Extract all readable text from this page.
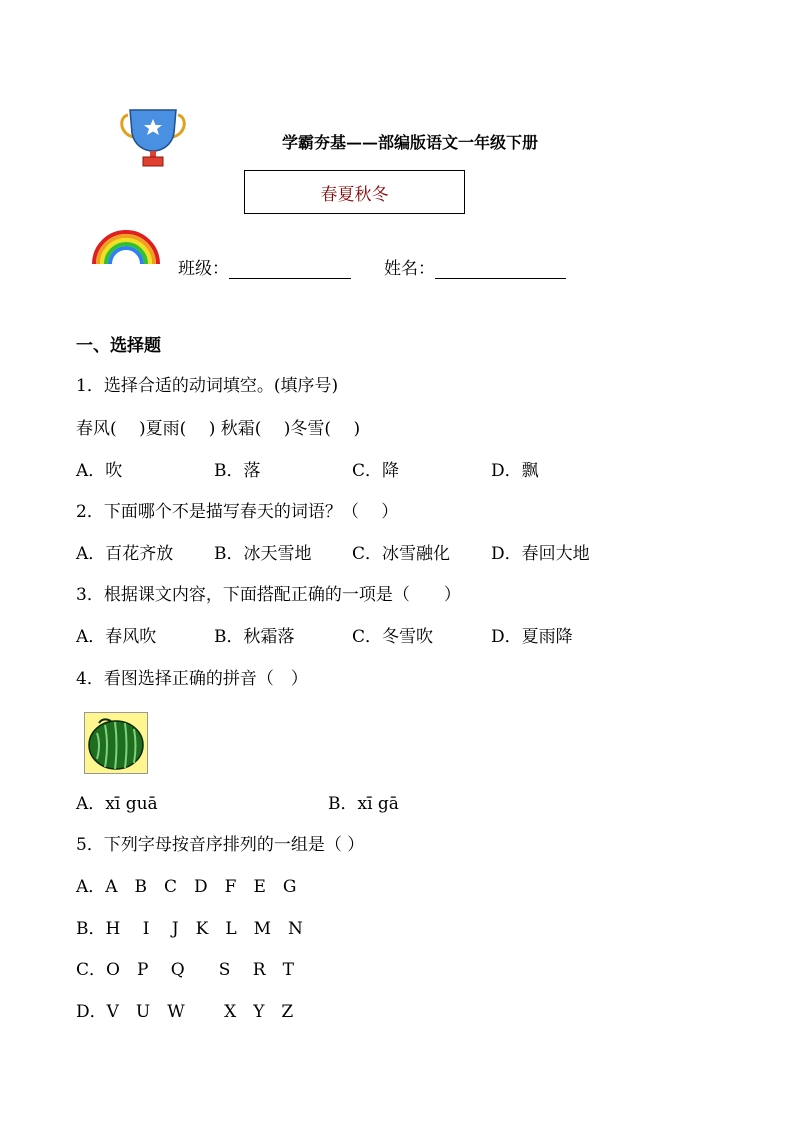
学霸夯基——部编版语文一年级下册
春夏秋冬
班级：	姓名：
一、选择题
1．选择合适的动词填空。(填序号)
春风(　 )夏雨(　 ) 秋霜(　 )冬雪(　 )
A．吹	B．落	C．降	D．飘
2．下面哪个不是描写春天的词语？（　 ）
A．百花齐放 B．冰天雪地 C．冰雪融化 D．春回大地
3．根据课文内容，下面搭配正确的一项是（　　）
A．春风吹	B．秋霜落	C．冬雪吹	D．夏雨降
4．看图选择正确的拼音（　）
A．xī guā	B．xī gā
5．下列字母按音序排列的一组是（ ）
A．A　B　C　D　F　E　G
B．H　 I 　J　K　L　M　N
C．O　P　 Q　　S　 R　T
D．V　U　W　　 X　Y　Z
